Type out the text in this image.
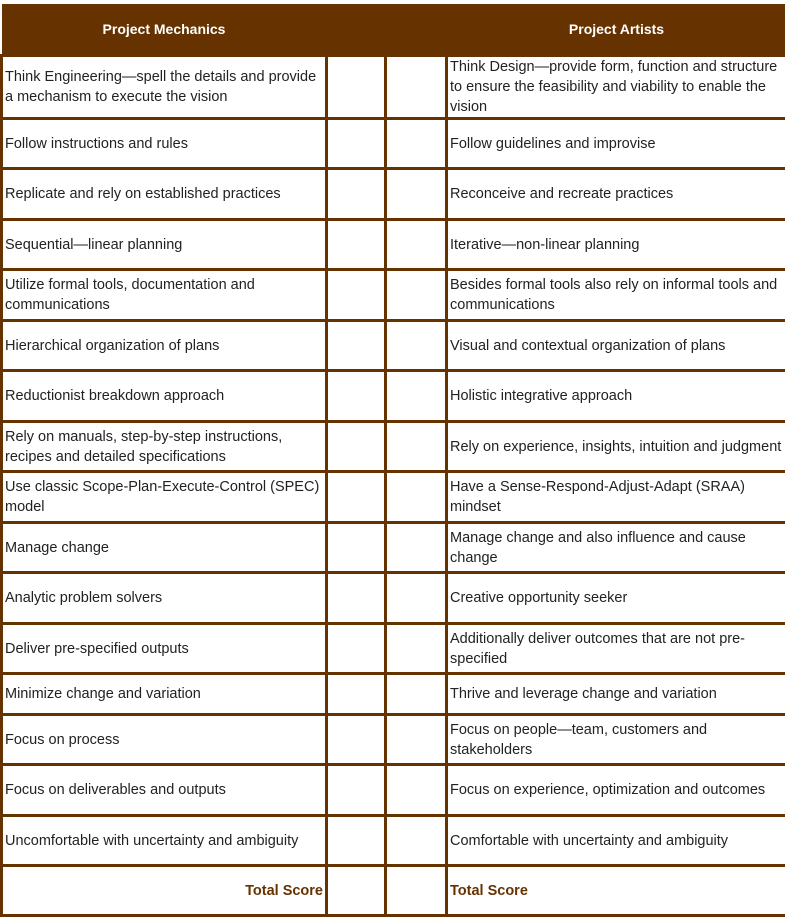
Project Mechanics			Project Artists
Think Engineering—spell the details and provide a mechanism to execute the vision			Think Design—provide form, function and structure to ensure the feasibility and viability to enable the vision
Follow instructions and rules			Follow guidelines and improvise
Replicate and rely on established practices			Reconceive and recreate practices
Sequential—linear planning			Iterative—non-linear planning
Utilize formal tools, documentation and communications			Besides formal tools also rely on informal tools and communications
Hierarchical organization of plans			Visual and contextual organization of plans
Reductionist breakdown approach			Holistic integrative approach
Rely on manuals, step-by-step instructions, recipes and detailed specifications			Rely on experience, insights, intuition and judgment
Use classic Scope-Plan-Execute-Control (SPEC) model			Have a Sense-Respond-Adjust-Adapt (SRAA) mindset
Manage change			Manage change and also influence and cause change
Analytic problem solvers			Creative opportunity seeker
Deliver pre-specified outputs			Additionally deliver outcomes that are not pre-specified
Minimize change and variation			Thrive and leverage change and variation
Focus on process			Focus on people—team, customers and stakeholders
Focus on deliverables and outputs			Focus on experience, optimization and outcomes
Uncomfortable with uncertainty and ambiguity			Comfortable with uncertainty and ambiguity
Total Score			Total Score
